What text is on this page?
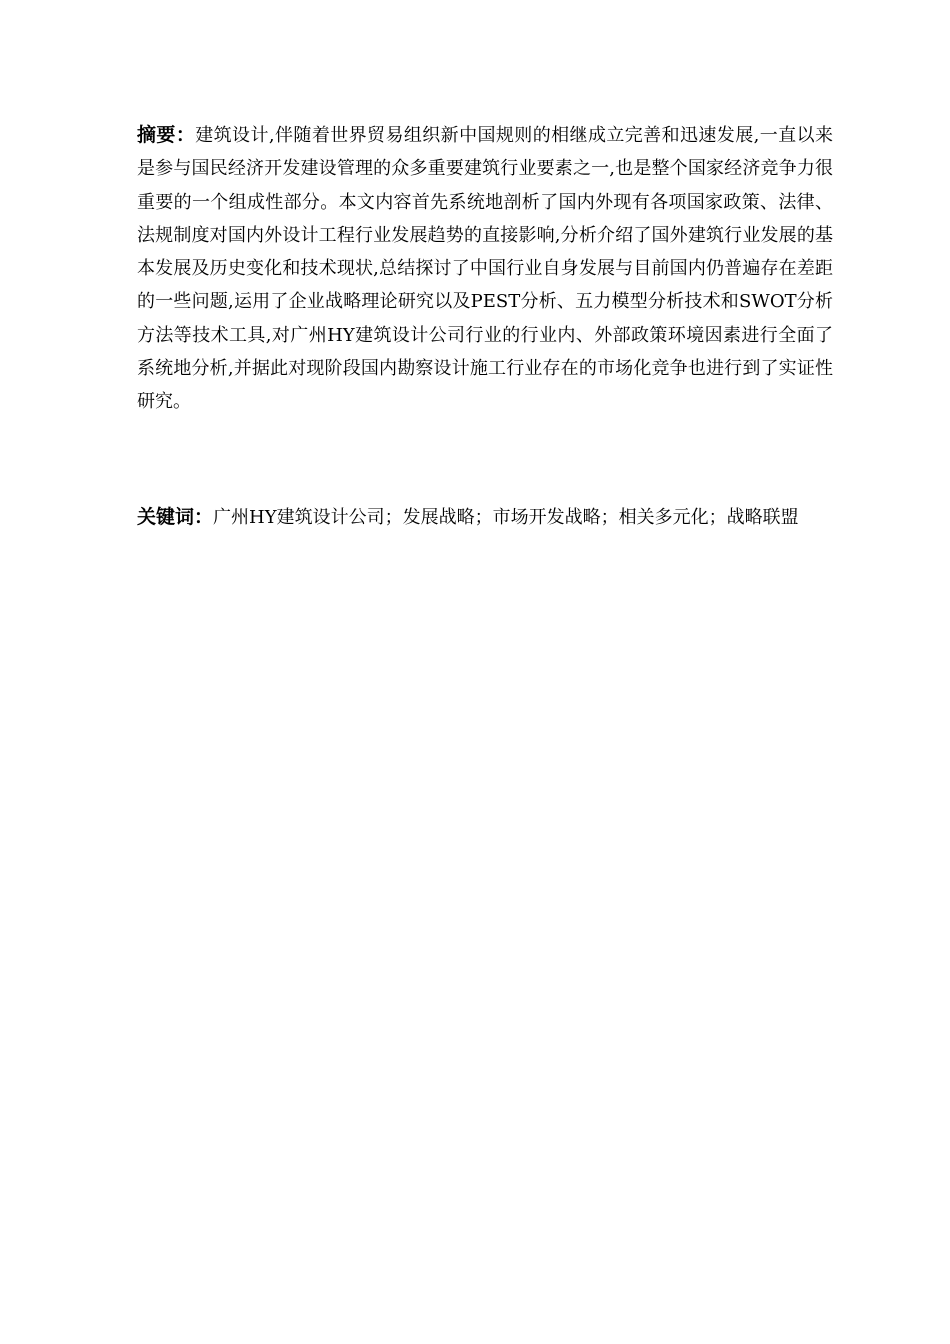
摘要：建筑设计,伴随着世界贸易组织新中国规则的相继成立完善和迅速发展,一直以来是参与国民经济开发建设管理的众多重要建筑行业要素之一,也是整个国家经济竞争力很重要的一个组成性部分。本文内容首先系统地剖析了国内外现有各项国家政策、法律、法规制度对国内外设计工程行业发展趋势的直接影响,分析介绍了国外建筑行业发展的基本发展及历史变化和技术现状,总结探讨了中国行业自身发展与目前国内仍普遍存在差距的一些问题,运用了企业战略理论研究以及PEST分析、五力模型分析技术和SWOT分析方法等技术工具,对广州HY建筑设计公司行业的行业内、外部政策环境因素进行全面了系统地分析,并据此对现阶段国内勘察设计施工行业存在的市场化竞争也进行到了实证性研究。

关键词：广州HY建筑设计公司；发展战略；市场开发战略；相关多元化；战略联盟
